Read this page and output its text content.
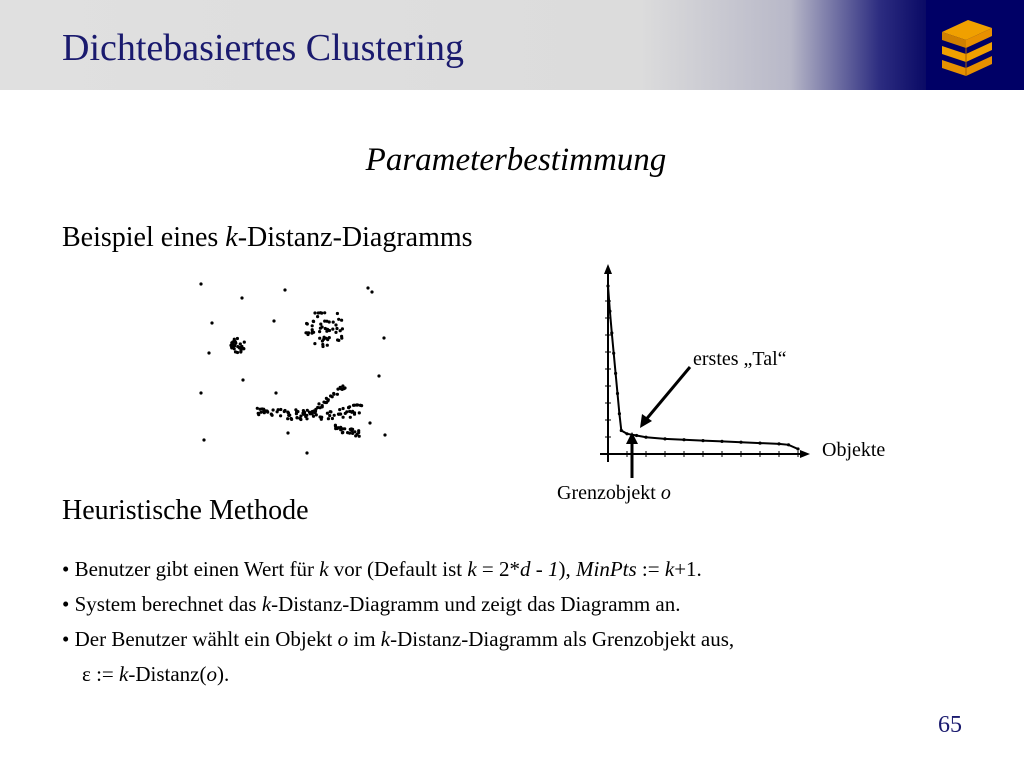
Dichtebasiertes Clustering
Parameterbestimmung
Beispiel eines k-Distanz-Diagramms
Objekte
erstes „Tal“
Grenzobjekt o
Heuristische Methode
• Benutzer gibt einen Wert für k vor (Default ist k = 2*d - 1), MinPts := k+1.
• System berechnet das k-Distanz-Diagramm und zeigt das Diagramm an.
• Der Benutzer wählt ein Objekt o im k-Distanz-Diagramm als Grenzobjekt aus,
ε := k-Distanz(o).
65
